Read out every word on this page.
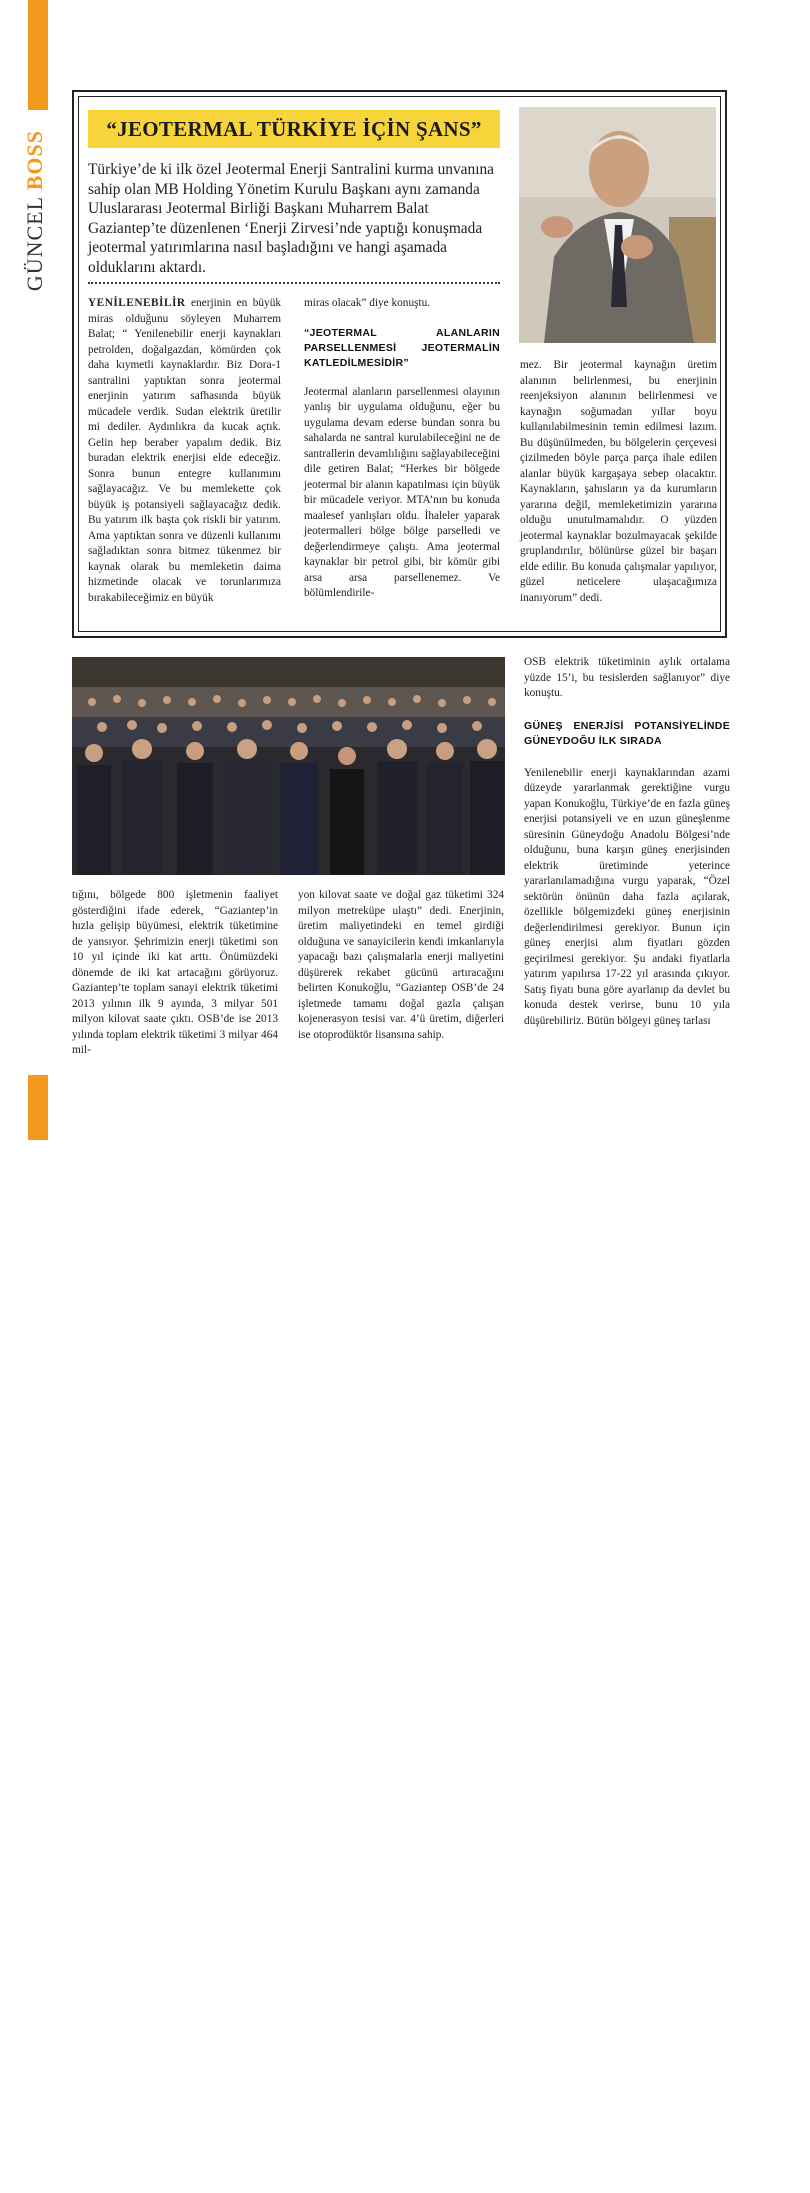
GÜNCEL BOSS
100
“JEOTERMAL TÜRKİYE İÇİN ŞANS”
Türkiye’de ki ilk özel Jeotermal Enerji Santralini kurma unvanına sahip olan MB Holding Yönetim Kurulu Başkanı aynı zamanda Uluslararası Jeotermal Birliği Başkanı Muharrem Balat Gaziantep’te düzenlenen ‘Enerji Zirvesi’nde yaptığı konuşmada jeotermal yatırımlarına nasıl başladığını ve hangi aşamada olduklarını aktardı.

YENİLENEBİLİR enerjinin en büyük miras olduğunu söyleyen Muharrem Balat; “ Yenilenebilir enerji kaynakları petrolden, doğalgazdan, kömürden çok daha kıymetli kaynaklardır. Biz Dora-1 santralini yaptıktan sonra jeotermal enerjinin yatırım safhasında büyük mücadele verdik. Sudan elektrik üretilir mi dediler. Aydınlıkra da kucak açtık. Gelin hep beraber yapalım dedik. Biz buradan elektrik enerjisi elde edeceğiz. Sonra bunun entegre kullanımını sağlayacağız. Ve bu memlekette çok büyük iş potansiyeli sağlayacağız dedik. Bu yatırım ilk başta çok riskli bir yatırım. Ama yaptıktan sonra ve düzenli kullanımı sağladıktan sonra bitmez tükenmez bir kaynak olarak bu memleketin daima hizmetinde olacak ve torunlarımıza bırakabileceğimiz en büyük

miras olacak” diye konuştu.

“JEOTERMAL ALANLARIN PARSELLENMESİ JEOTERMALİN KATLEDİLMESİDİR”

Jeotermal alanların parsellenmesi olayının yanlış bir uygulama olduğunu, eğer bu uygulama devam ederse bundan sonra bu sahalarda ne santral kurulabileceğini ne de santrallerin devamlılığını sağlayabileceğini dile getiren Balat; “Herkes bir bölgede jeotermal bir alanın kapatılması için büyük bir mücadele veriyor. MTA’nın bu konuda maalesef yanlışları oldu. İhaleler yaparak jeotermalleri bölge bölge parselledi ve değerlendirmeye çalıştı. Ama jeotermal kaynaklar bir petrol gibi, bir kömür gibi arsa arsa parsellenemez. Ve bölümlendirile-

mez. Bir jeotermal kaynağın üretim alanının belirlenmesi, bu enerjinin reenjeksiyon alanının belirlenmesi ve kaynağın soğumadan yıllar boyu kullanılabilmesinin temin edilmesi lazım. Bu düşünülmeden, bu bölgelerin çerçevesi çizilmeden böyle parça parça ihale edilen alanlar büyük kargaşaya sebep olacaktır. Kaynakların, şahısların ya da kurumların yararına değil, memleketimizin yararına olduğu unutulmamalıdır. O yüzden jeotermal kaynaklar bozulmayacak şekilde gruplandırılır, bölünürse güzel bir başarı elde edilir. Bu konuda çalışmalar yapılıyor, güzel neticelere ulaşacağımıza inanıyorum” dedi.

OSB elektrik tüketiminin aylık ortalama yüzde 15’i, bu tesislerden sağlanıyor” diye konuştu.

GÜNEŞ ENERJİSİ POTANSİYELİNDE GÜNEYDOĞU İLK SIRADA

Yenilenebilir enerji kaynaklarından azami düzeyde yararlanmak gerektiğine vurgu yapan Konukoğlu, Türkiye’de en fazla güneş enerjisi potansiyeli ve en uzun güneşlenme süresinin Güneydoğu Anadolu Bölgesi’nde olduğunu, buna karşın güneş enerjisinden elektrik üretiminde yeterince yararlanılamadığına vurgu yaparak, “Özel sektörün önünün daha fazla açılarak, özellikle bölgemizdeki güneş enerjisinin değerlendirilmesi gerekiyor. Bunun için güneş enerjisi alım fiyatları gözden geçirilmesi gerekiyor. Şu andaki fiyatlarla yatırım yapılırsa 17-22 yıl arasında çıkıyor. Satış fiyatı buna göre ayarlanıp da devlet bu konuda destek verirse, bunu 10 yıla düşürebiliriz. Bütün bölgeyi güneş tarlası

tığını, bölgede 800 işletmenin faaliyet gösterdiğini ifade ederek, “Gaziantep’in hızla gelişip büyümesi, elektrik tüketimine de yansıyor. Şehrimizin enerji tüketimi son 10 yıl içinde iki kat arttı. Önümüzdeki dönemde de iki kat artacağını görüyoruz. Gaziantep’te toplam sanayi elektrik tüketimi 2013 yılının ilk 9 ayında, 3 milyar 501 milyon kilovat saate çıktı. OSB’de ise 2013 yılında toplam elektrik tüketimi 3 milyar 464 mil-

yon kilovat saate ve doğal gaz tüketimi 324 milyon metreküpe ulaştı” dedi. Enerjinin, üretim maliyetindeki en temel girdiği olduğuna ve sanayicilerin kendi imkanlarıyla yapacağı bazı çalışmalarla enerji maliyetini düşürerek rekabet gücünü artıracağını belirten Konukoğlu, “Gaziantep OSB’de 24 işletmede tamamı doğal gazla çalışan kojenerasyon tesisi var. 4’ü üretim, diğerleri ise otoprodüktör lisansına sahip.
